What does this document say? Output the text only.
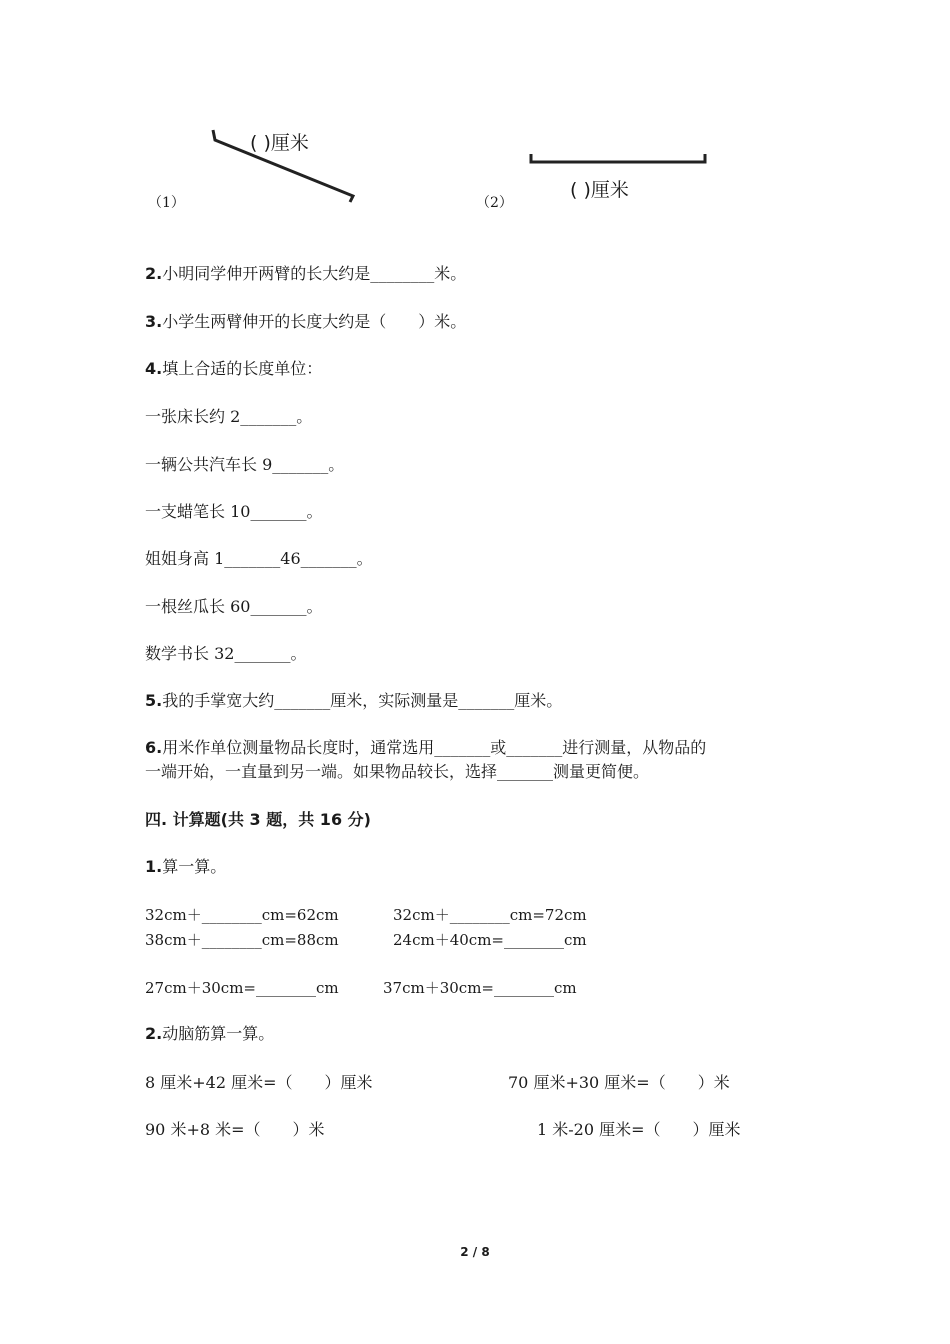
( )厘米
（1）
( )厘米
（2）
2.小明同学伸开两臂的长大约是________米。
3.小学生两臂伸开的长度大约是（　　）米。
4.填上合适的长度单位：
一张床长约 2_______。
一辆公共汽车长 9_______。
一支蜡笔长 10_______。
姐姐身高 1_______46_______。
一根丝瓜长 60_______。
数学书长 32_______。
5.我的手掌宽大约_______厘米，实际测量是_______厘米。
6.用米作单位测量物品长度时，通常选用_______或_______进行测量，从物品的
一端开始，一直量到另一端。如果物品较长，选择_______测量更简便。
四. 计算题(共 3 题，共 16 分)
1.算一算。
32cm＋________cm=62cm	32cm＋________cm=72cm
38cm＋________cm=88cm	24cm＋40cm=________cm
27cm＋30cm=________cm	37cm＋30cm=________cm
2.动脑筋算一算。
8 厘米+42 厘米=（　　）厘米	70 厘米+30 厘米=（　　）米
90 米+8 米=（　　）米	1 米-20 厘米=（　　）厘米
2 / 8
